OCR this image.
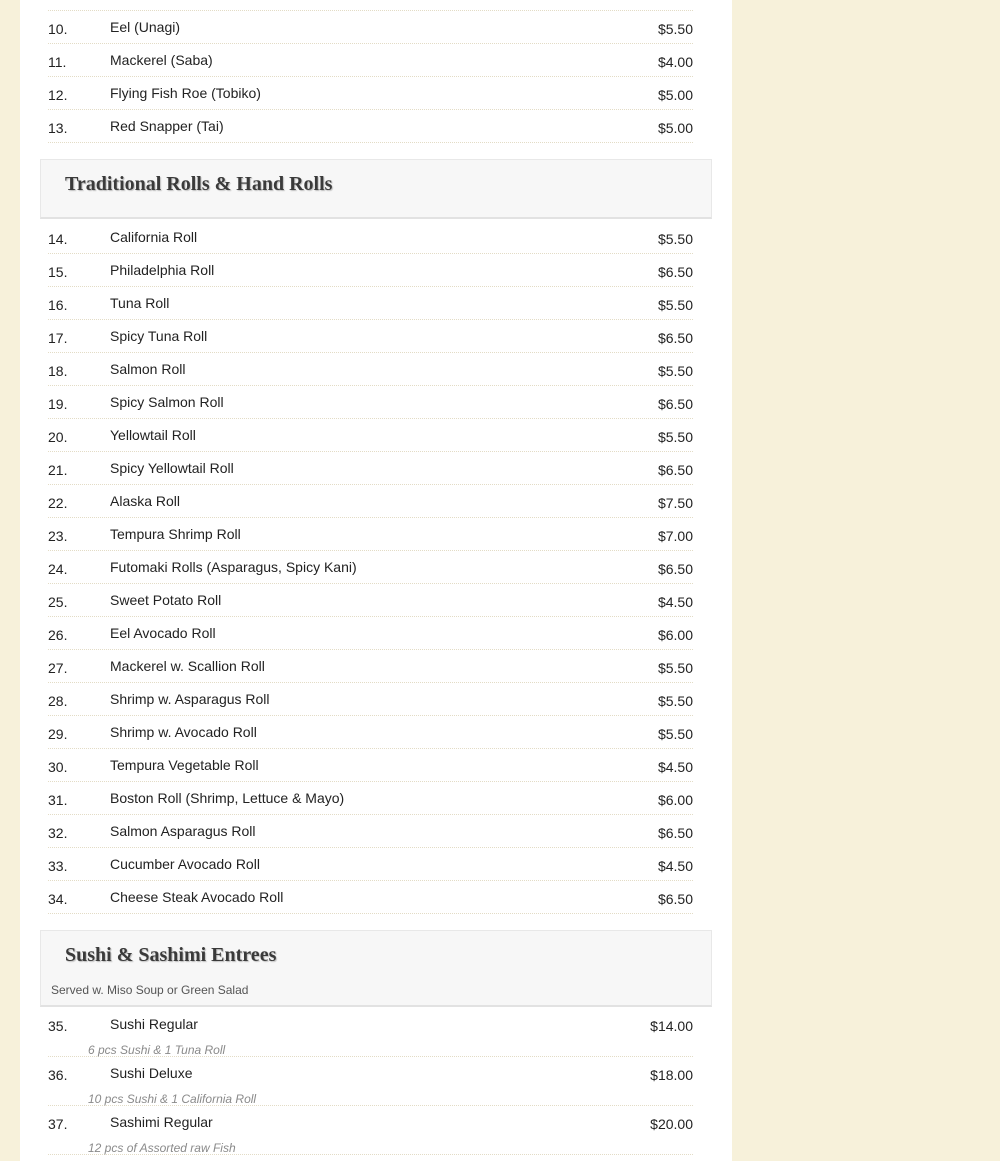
10.	Eel (Unagi)	$5.50
11.	Mackerel (Saba)	$4.00
12.	Flying Fish Roe (Tobiko)	$5.00
13.	Red Snapper (Tai)	$5.00
Traditional Rolls & Hand Rolls
14.	California Roll	$5.50
15.	Philadelphia Roll	$6.50
16.	Tuna Roll	$5.50
17.	Spicy Tuna Roll	$6.50
18.	Salmon Roll	$5.50
19.	Spicy Salmon Roll	$6.50
20.	Yellowtail Roll	$5.50
21.	Spicy Yellowtail Roll	$6.50
22.	Alaska Roll	$7.50
23.	Tempura Shrimp Roll	$7.00
24.	Futomaki Rolls (Asparagus, Spicy Kani)	$6.50
25.	Sweet Potato Roll	$4.50
26.	Eel Avocado Roll	$6.00
27.	Mackerel w. Scallion Roll	$5.50
28.	Shrimp w. Asparagus Roll	$5.50
29.	Shrimp w. Avocado Roll	$5.50
30.	Tempura Vegetable Roll	$4.50
31.	Boston Roll (Shrimp, Lettuce & Mayo)	$6.00
32.	Salmon Asparagus Roll	$6.50
33.	Cucumber Avocado Roll	$4.50
34.	Cheese Steak Avocado Roll	$6.50
Sushi & Sashimi Entrees
Served w. Miso Soup or Green Salad
35.	Sushi Regular	$14.00
6 pcs Sushi & 1 Tuna Roll
36.	Sushi Deluxe	$18.00
10 pcs Sushi & 1 California Roll
37.	Sashimi Regular	$20.00
12 pcs of Assorted raw Fish
